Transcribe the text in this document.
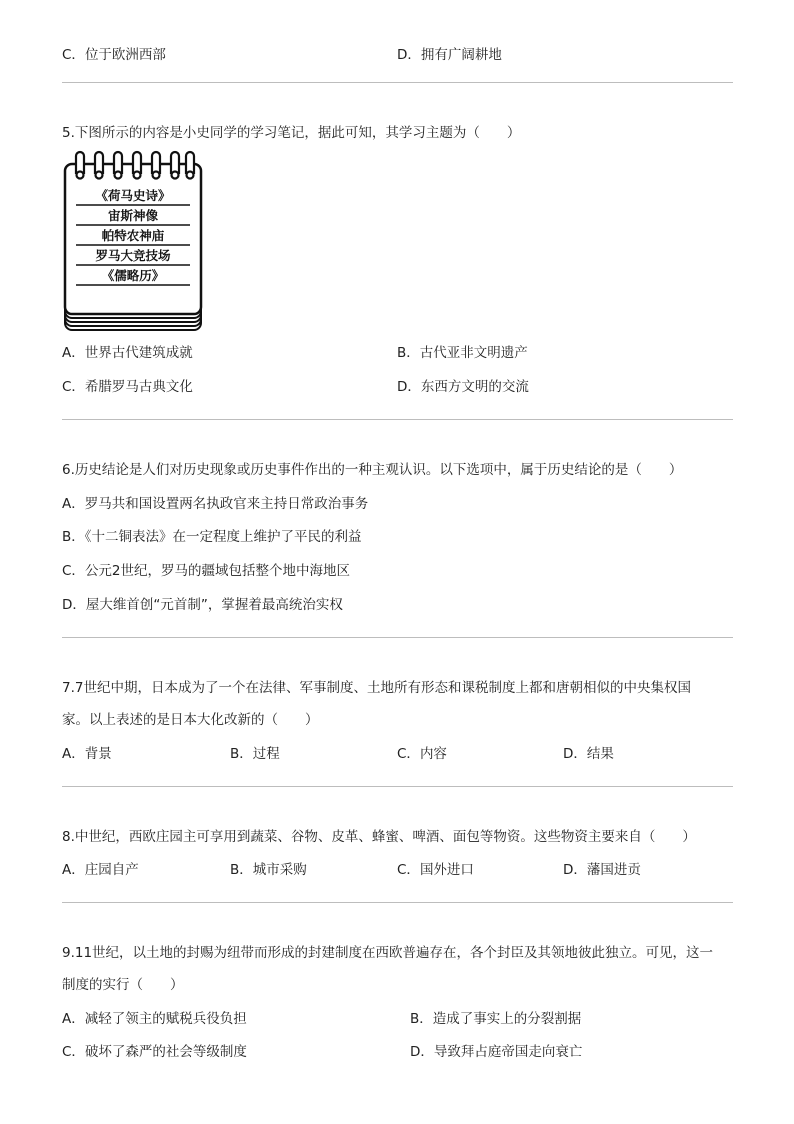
C．位于欧洲西部	D．拥有广阔耕地
5.下图所示的内容是小史同学的学习笔记，据此可知，其学习主题为（　　）
《荷马史诗》
宙斯神像
帕特农神庙
罗马大竞技场
《儒略历》
A．世界古代建筑成就	B．古代亚非文明遗产
C．希腊罗马古典文化	D．东西方文明的交流
6.历史结论是人们对历史现象或历史事件作出的一种主观认识。以下选项中，属于历史结论的是（　　）
A．罗马共和国设置两名执政官来主持日常政治事务
B．《十二铜表法》在一定程度上维护了平民的利益
C．公元2世纪，罗马的疆域包括整个地中海地区
D．屋大维首创“元首制”，掌握着最高统治实权
7.7世纪中期，日本成为了一个在法律、军事制度、土地所有形态和课税制度上都和唐朝相似的中央集权国
家。以上表述的是日本大化改新的（　　）
A．背景	B．过程	C．内容	D．结果
8.中世纪，西欧庄园主可享用到蔬菜、谷物、皮革、蜂蜜、啤酒、面包等物资。这些物资主要来自（　　）
A．庄园自产	B．城市采购	C．国外进口	D．藩国进贡
9.11世纪，以土地的封赐为纽带而形成的封建制度在西欧普遍存在，各个封臣及其领地彼此独立。可见，这一
制度的实行（　　）
A．减轻了领主的赋税兵役负担	B．造成了事实上的分裂割据
C．破坏了森严的社会等级制度	D．导致拜占庭帝国走向衰亡
